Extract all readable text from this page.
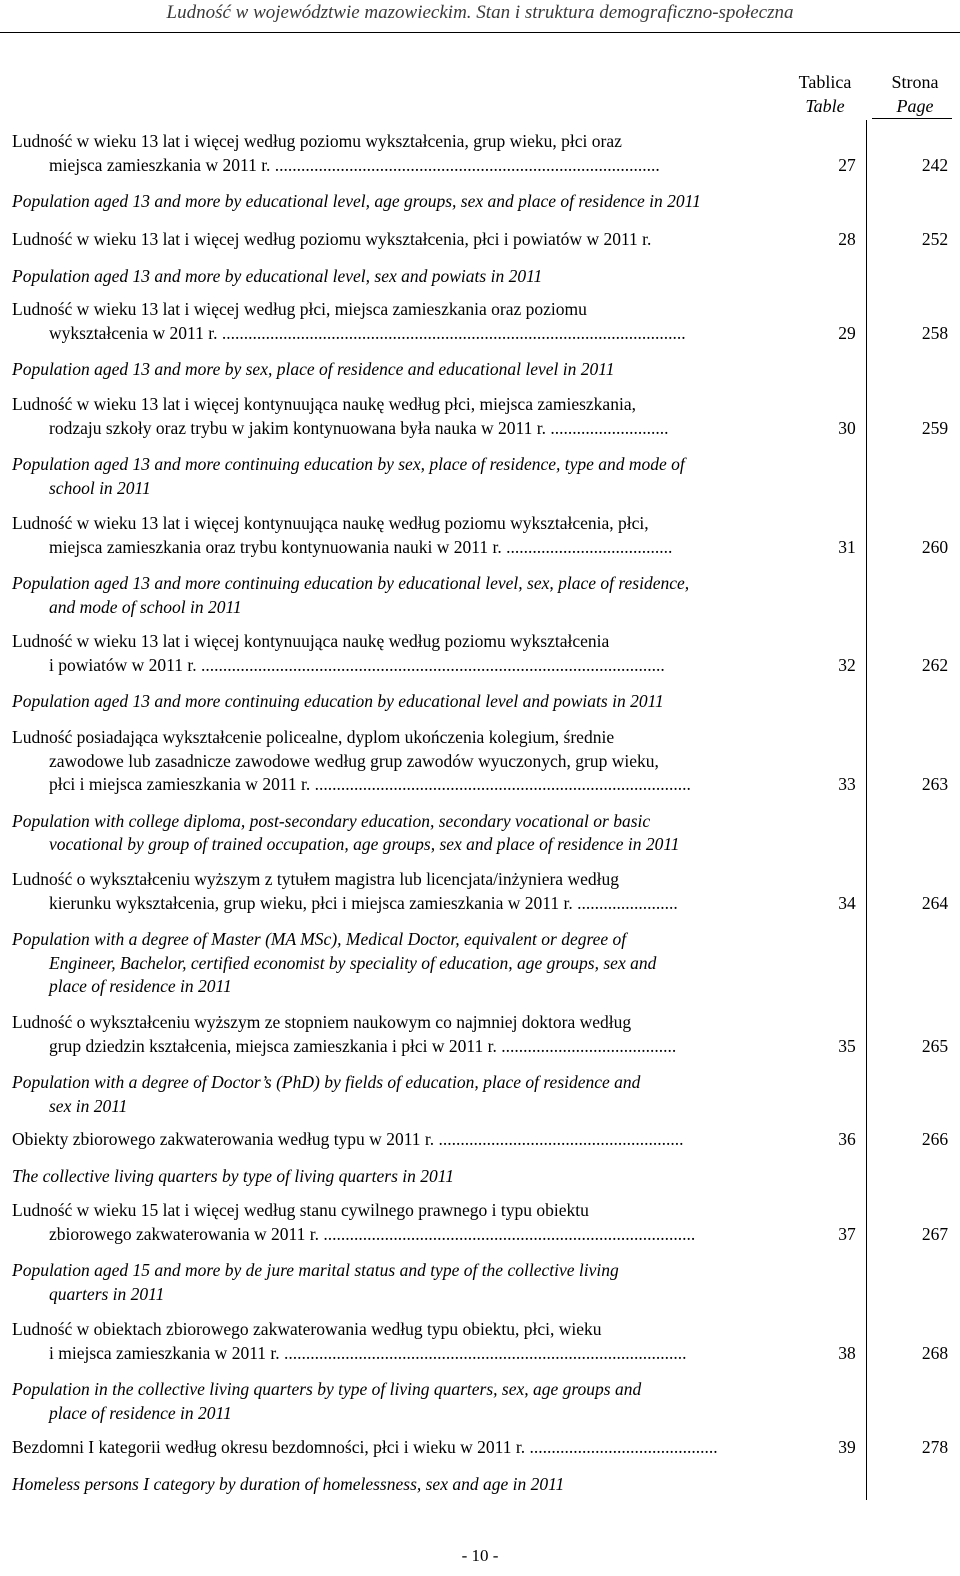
Ludność w województwie mazowieckim. Stan i struktura demograficzno-społeczna
Tablica
Table
Strona
Page
Ludność w wieku 13 lat i więcej według poziomu wykształcenia, grup wieku, płci oraz
miejsca zamieszkania w 2011 r. ........................................................................................	27	242
Population aged 13 and more by educational level, age groups, sex and place of residence in 2011
Ludność w wieku 13 lat i więcej według poziomu wykształcenia, płci i powiatów w 2011 r.	28	252
Population aged 13 and more by educational level, sex and powiats in 2011
Ludność w wieku 13 lat i więcej według płci, miejsca zamieszkania oraz poziomu
wykształcenia w 2011 r. ..........................................................................................................	29	258
Population aged 13 and more by sex, place of residence and educational level in 2011
Ludność w wieku 13 lat i więcej kontynuująca naukę według płci, miejsca zamieszkania,
rodzaju szkoły oraz trybu w jakim kontynuowana była nauka w 2011 r. ...........................	30	259
Population aged 13 and more continuing education by sex, place of residence, type and mode of
school in 2011
Ludność w wieku 13 lat i więcej kontynuująca naukę według poziomu wykształcenia, płci,
miejsca zamieszkania oraz trybu kontynuowania nauki w 2011 r. ......................................	31	260
Population aged 13 and more continuing education by educational level, sex, place of residence,
and mode of school in 2011
Ludność w wieku 13 lat i więcej kontynuująca naukę według poziomu wykształcenia
i powiatów w 2011 r. ..........................................................................................................	32	262
Population aged 13 and more continuing education by educational level and powiats in 2011
Ludność posiadająca wykształcenie policealne, dyplom ukończenia kolegium, średnie
zawodowe lub zasadnicze zawodowe według grup zawodów wyuczonych, grup wieku,
płci i miejsca zamieszkania w 2011 r. ......................................................................................	33	263
Population with college diploma, post-secondary education, secondary vocational or basic
vocational by group of trained occupation, age groups, sex and place of residence in 2011
Ludność o wykształceniu wyższym z tytułem magistra lub licencjata/inżyniera według
kierunku wykształcenia, grup wieku, płci i miejsca zamieszkania w 2011 r. .......................	34	264
Population with a degree of Master (MA MSc), Medical Doctor, equivalent or degree of
Engineer, Bachelor, certified economist by speciality of education, age groups, sex and
place of residence in 2011
Ludność o wykształceniu wyższym ze stopniem naukowym co najmniej doktora według
grup dziedzin kształcenia, miejsca zamieszkania i płci w 2011 r. ........................................	35	265
Population with a degree of Doctor’s (PhD) by fields of education, place of residence and
sex in 2011
Obiekty zbiorowego zakwaterowania według typu w 2011 r. ........................................................	36	266
The collective living quarters by type of living quarters in 2011
Ludność w wieku 15 lat i więcej według stanu cywilnego prawnego i typu obiektu
zbiorowego zakwaterowania w 2011 r. .....................................................................................	37	267
Population aged 15 and more by de jure marital status and type of the collective living
quarters in 2011
Ludność w obiektach zbiorowego zakwaterowania według typu obiektu, płci, wieku
i miejsca zamieszkania w 2011 r. ............................................................................................	38	268
Population in the collective living quarters by type of living quarters, sex, age groups and
place of residence in 2011
Bezdomni I kategorii według okresu bezdomności, płci i wieku w 2011 r. ...........................................	39	278
Homeless persons I category by duration of homelessness, sex and age in 2011
- 10 -
